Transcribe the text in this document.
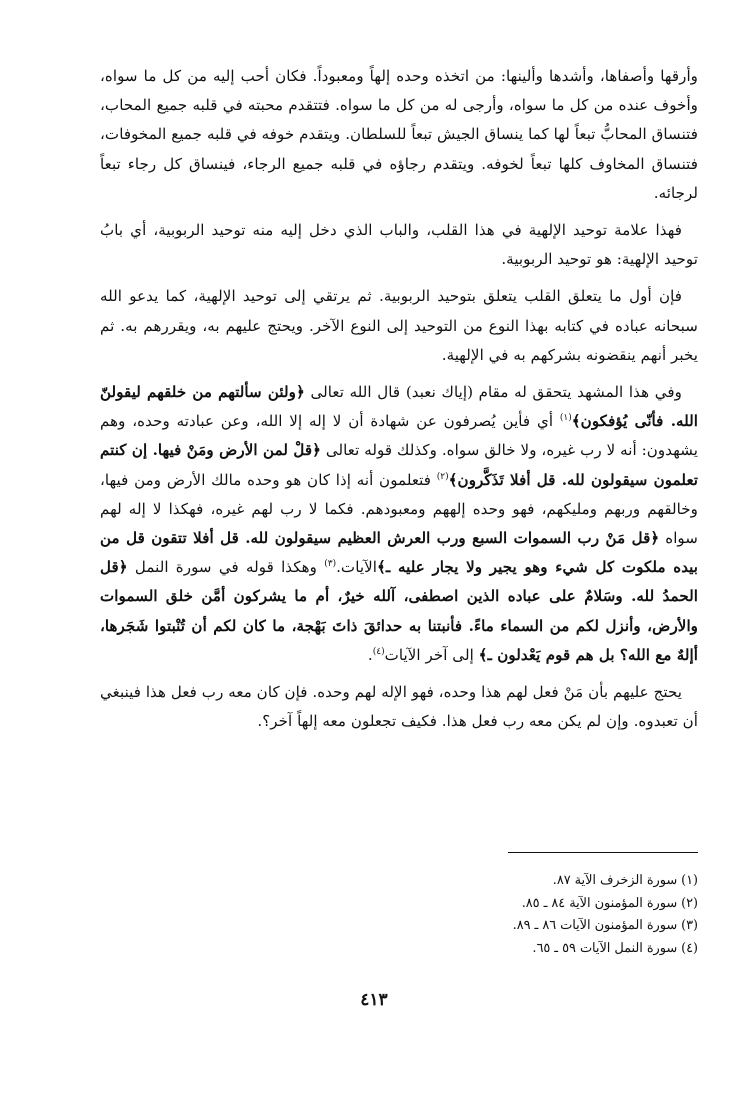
وأرقها وأصفاها، وأشدها وألينها: من اتخذه وحده إلهاً ومعبوداً. فكان أحب إليه من كل ما سواه، وأخوف عنده من كل ما سواه، وأرجى له من كل ما سواه. فتتقدم محبته في قلبه جميع المحاب، فتنساق المحابُّ تبعاً لها كما ينساق الجيش تبعاً للسلطان. ويتقدم خوفه في قلبه جميع المخوفات، فتنساق المخاوف كلها تبعاً لخوفه. ويتقدم رجاؤه في قلبه جميع الرجاء، فينساق كل رجاء تبعاً لرجائه.

فهذا علامة توحيد الإلهية في هذا القلب، والباب الذي دخل إليه منه توحيد الربوبية، أي بابُ توحيد الإلهية: هو توحيد الربوبية.

فإن أول ما يتعلق القلب يتعلق بتوحيد الربوبية. ثم يرتقي إلى توحيد الإلهية، كما يدعو الله سبحانه عباده في كتابه بهذا النوع من التوحيد إلى النوع الآخر. ويحتج عليهم به، ويقررهم به. ثم يخبر أنهم ينقضونه بشركهم به في الإلهية.

وفي هذا المشهد يتحقق له مقام (إياك نعبد) قال الله تعالى ﴿ولئن سألتهم من خلقهم ليقولنّ الله. فأنّى يُؤفكون﴾$^{(١)}$ أي فأين يُصرفون عن شهادة أن لا إله إلا الله، وعن عبادته وحده، وهم يشهدون: أنه لا رب غيره، ولا خالق سواه. وكذلك قوله تعالى ﴿قلْ لمن الأرض ومَنْ فيها. إن كنتم تعلمون سيقولون لله. قل أفلا تَذَكَّرون﴾$^{(٢)}$ فتعلمون أنه إذا كان هو وحده مالك الأرض ومن فيها، وخالقهم وربهم ومليكهم، فهو وحده إلههم ومعبودهم. فكما لا رب لهم غيره، فهكذا لا إله لهم سواه ﴿قل مَنْ رب السموات السبع ورب العرش العظيم سيقولون لله. قل أفلا تتقون قل من بيده ملكوت كل شيء وهو يجير ولا يجار عليه ـ﴾الآيات.$^{(٣)}$ وهكذا قوله في سورة النمل ﴿قل الحمدُ لله. وسَلامٌ على عباده الذين اصطفى، آلله خيرٌ، أم ما يشركون أمَّن خلق السموات والأرض، وأنزل لكم من السماء ماءً. فأنبتنا به حدائقَ ذاتَ بَهْجة، ما كان لكم أن تُنْبتوا شَجَرها، أإلهٌ مع الله؟ بل هم قوم يَعْدلون ـ﴾ إلى آخر الآيات$^{(٤)}$.

يحتج عليهم بأن مَنْ فعل لهم هذا وحده، فهو الإله لهم وحده. فإن كان معه رب فعل هذا فينبغي أن تعبدوه. وإن لم يكن معه رب فعل هذا. فكيف تجعلون معه إلهاً آخر؟.

(١) سورة الزخرف الآية ٨٧.

(٢) سورة المؤمنون الآية ٨٤ ـ ٨٥.

(٣) سورة المؤمنون الآيات ٨٦ ـ ٨٩.

(٤) سورة النمل الآيات ٥٩ ـ ٦٥.

٤١٣
